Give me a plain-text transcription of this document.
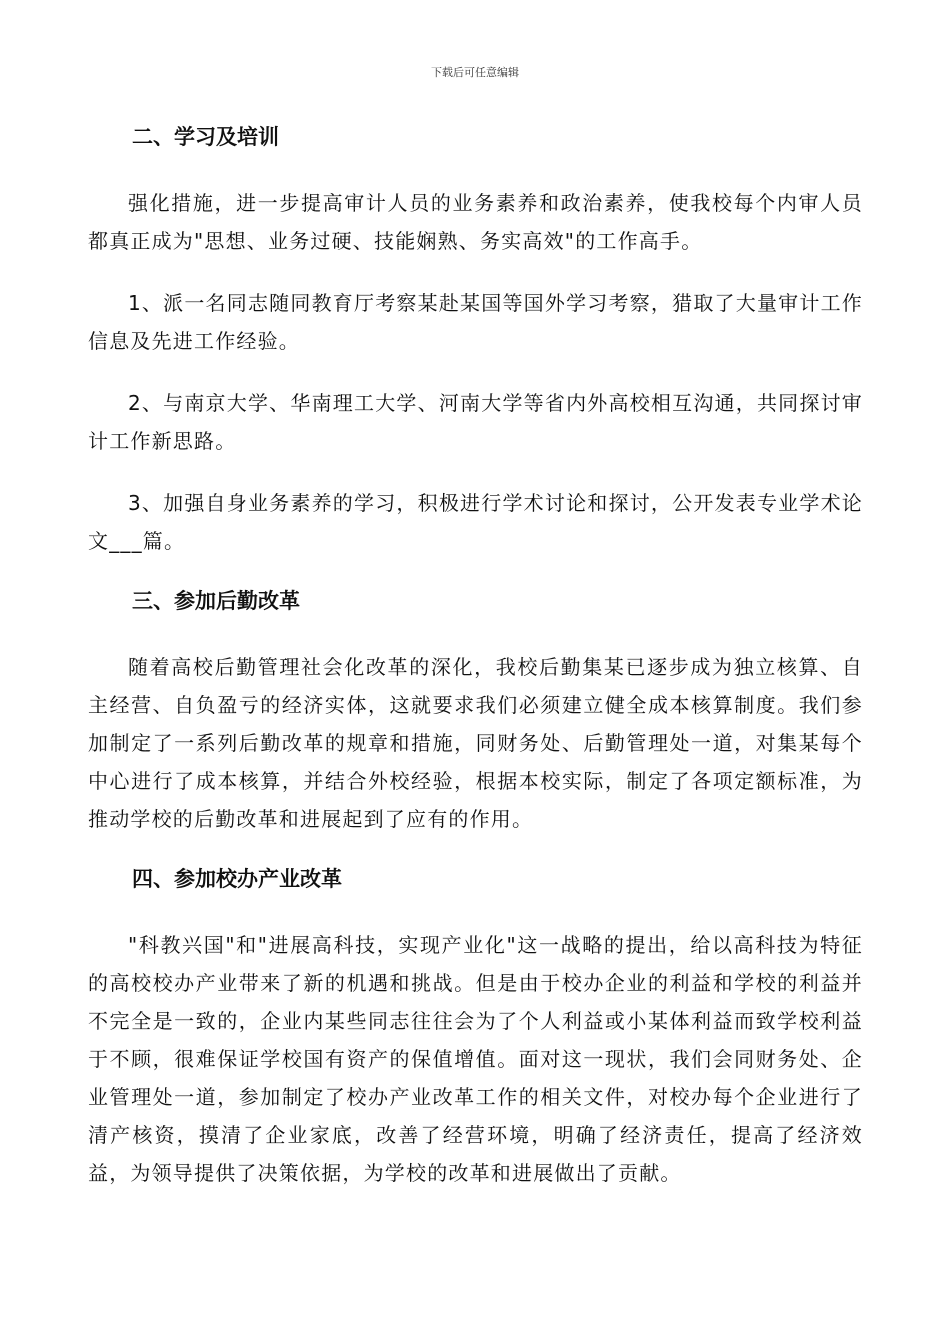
下载后可任意编辑
二、学习及培训

强化措施，进一步提高审计人员的业务素养和政治素养，使我校每个内审人员都真正成为"思想、业务过硬、技能娴熟、务实高效"的工作高手。

1、派一名同志随同教育厅考察某赴某国等国外学习考察，猎取了大量审计工作信息及先进工作经验。

2、与南京大学、华南理工大学、河南大学等省内外高校相互沟通，共同探讨审计工作新思路。

3、加强自身业务素养的学习，积极进行学术讨论和探讨，公开发表专业学术论文___篇。

三、参加后勤改革

随着高校后勤管理社会化改革的深化，我校后勤集某已逐步成为独立核算、自主经营、自负盈亏的经济实体，这就要求我们必须建立健全成本核算制度。我们参加制定了一系列后勤改革的规章和措施，同财务处、后勤管理处一道，对集某每个中心进行了成本核算，并结合外校经验，根据本校实际，制定了各项定额标准，为推动学校的后勤改革和进展起到了应有的作用。

四、参加校办产业改革

"科教兴国"和"进展高科技，实现产业化"这一战略的提出，给以高科技为特征的高校校办产业带来了新的机遇和挑战。但是由于校办企业的利益和学校的利益并不完全是一致的，企业内某些同志往往会为了个人利益或小某体利益而致学校利益于不顾，很难保证学校国有资产的保值增值。面对这一现状，我们会同财务处、企业管理处一道，参加制定了校办产业改革工作的相关文件，对校办每个企业进行了清产核资，摸清了企业家底，改善了经营环境，明确了经济责任，提高了经济效益，为领导提供了决策依据，为学校的改革和进展做出了贡献。
